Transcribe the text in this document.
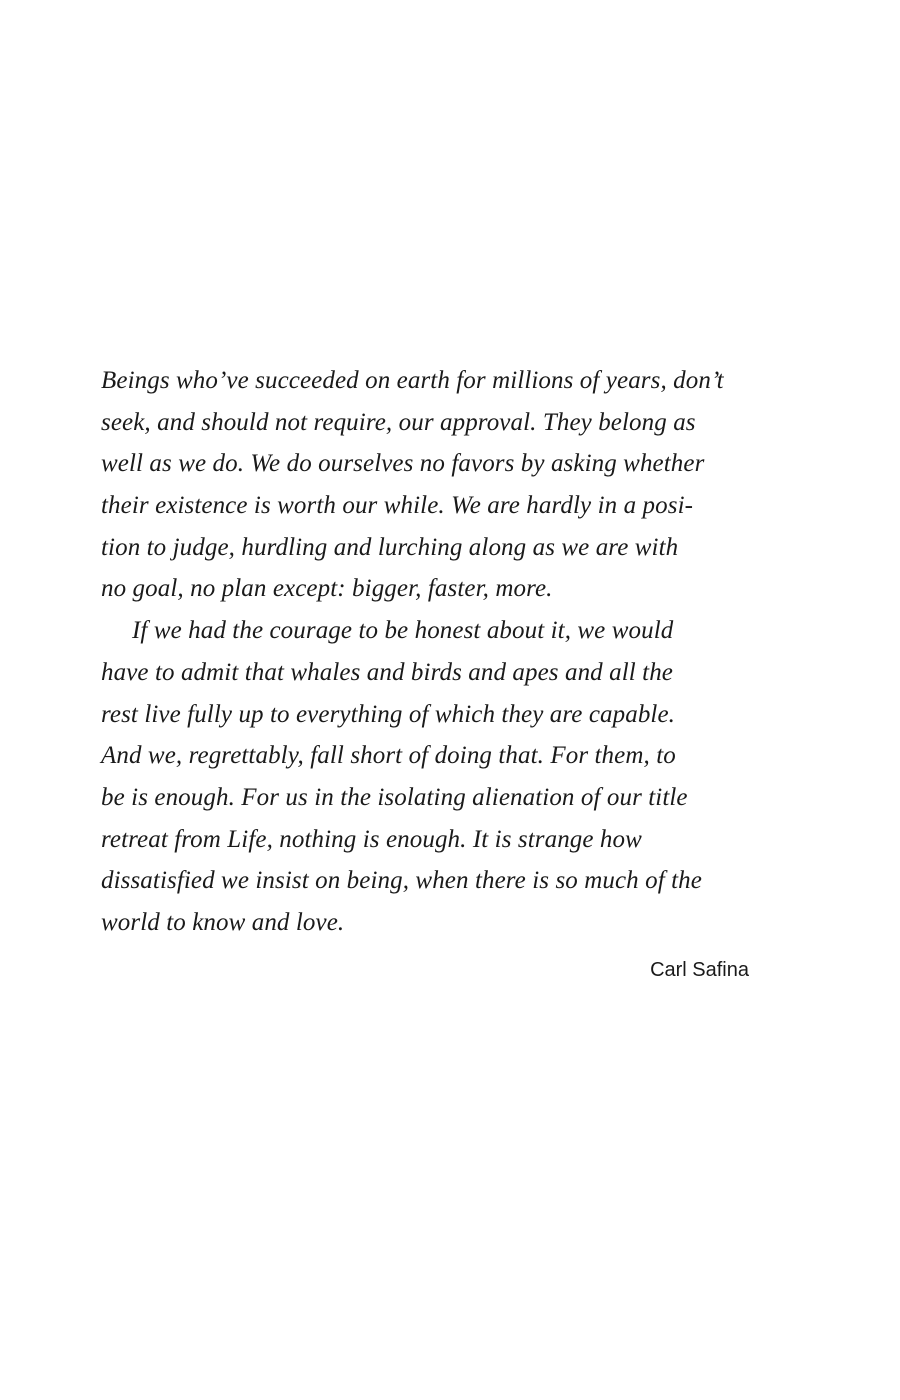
Beings who’ve succeeded on earth for millions of years, don’t
seek, and should not require, our approval. They belong as
well as we do. We do ourselves no favors by asking whether
their existence is worth our while. We are hardly in a posi-
tion to judge, hurdling and lurching along as we are with
no goal, no plan except: bigger, faster, more.
If we had the courage to be honest about it, we would
have to admit that whales and birds and apes and all the
rest live fully up to everything of which they are capable.
And we, regrettably, fall short of doing that. For them, to
be is enough. For us in the isolating alienation of our title
retreat from Life, nothing is enough. It is strange how
dissatisfied we insist on being, when there is so much of the
world to know and love.
Carl Safina
